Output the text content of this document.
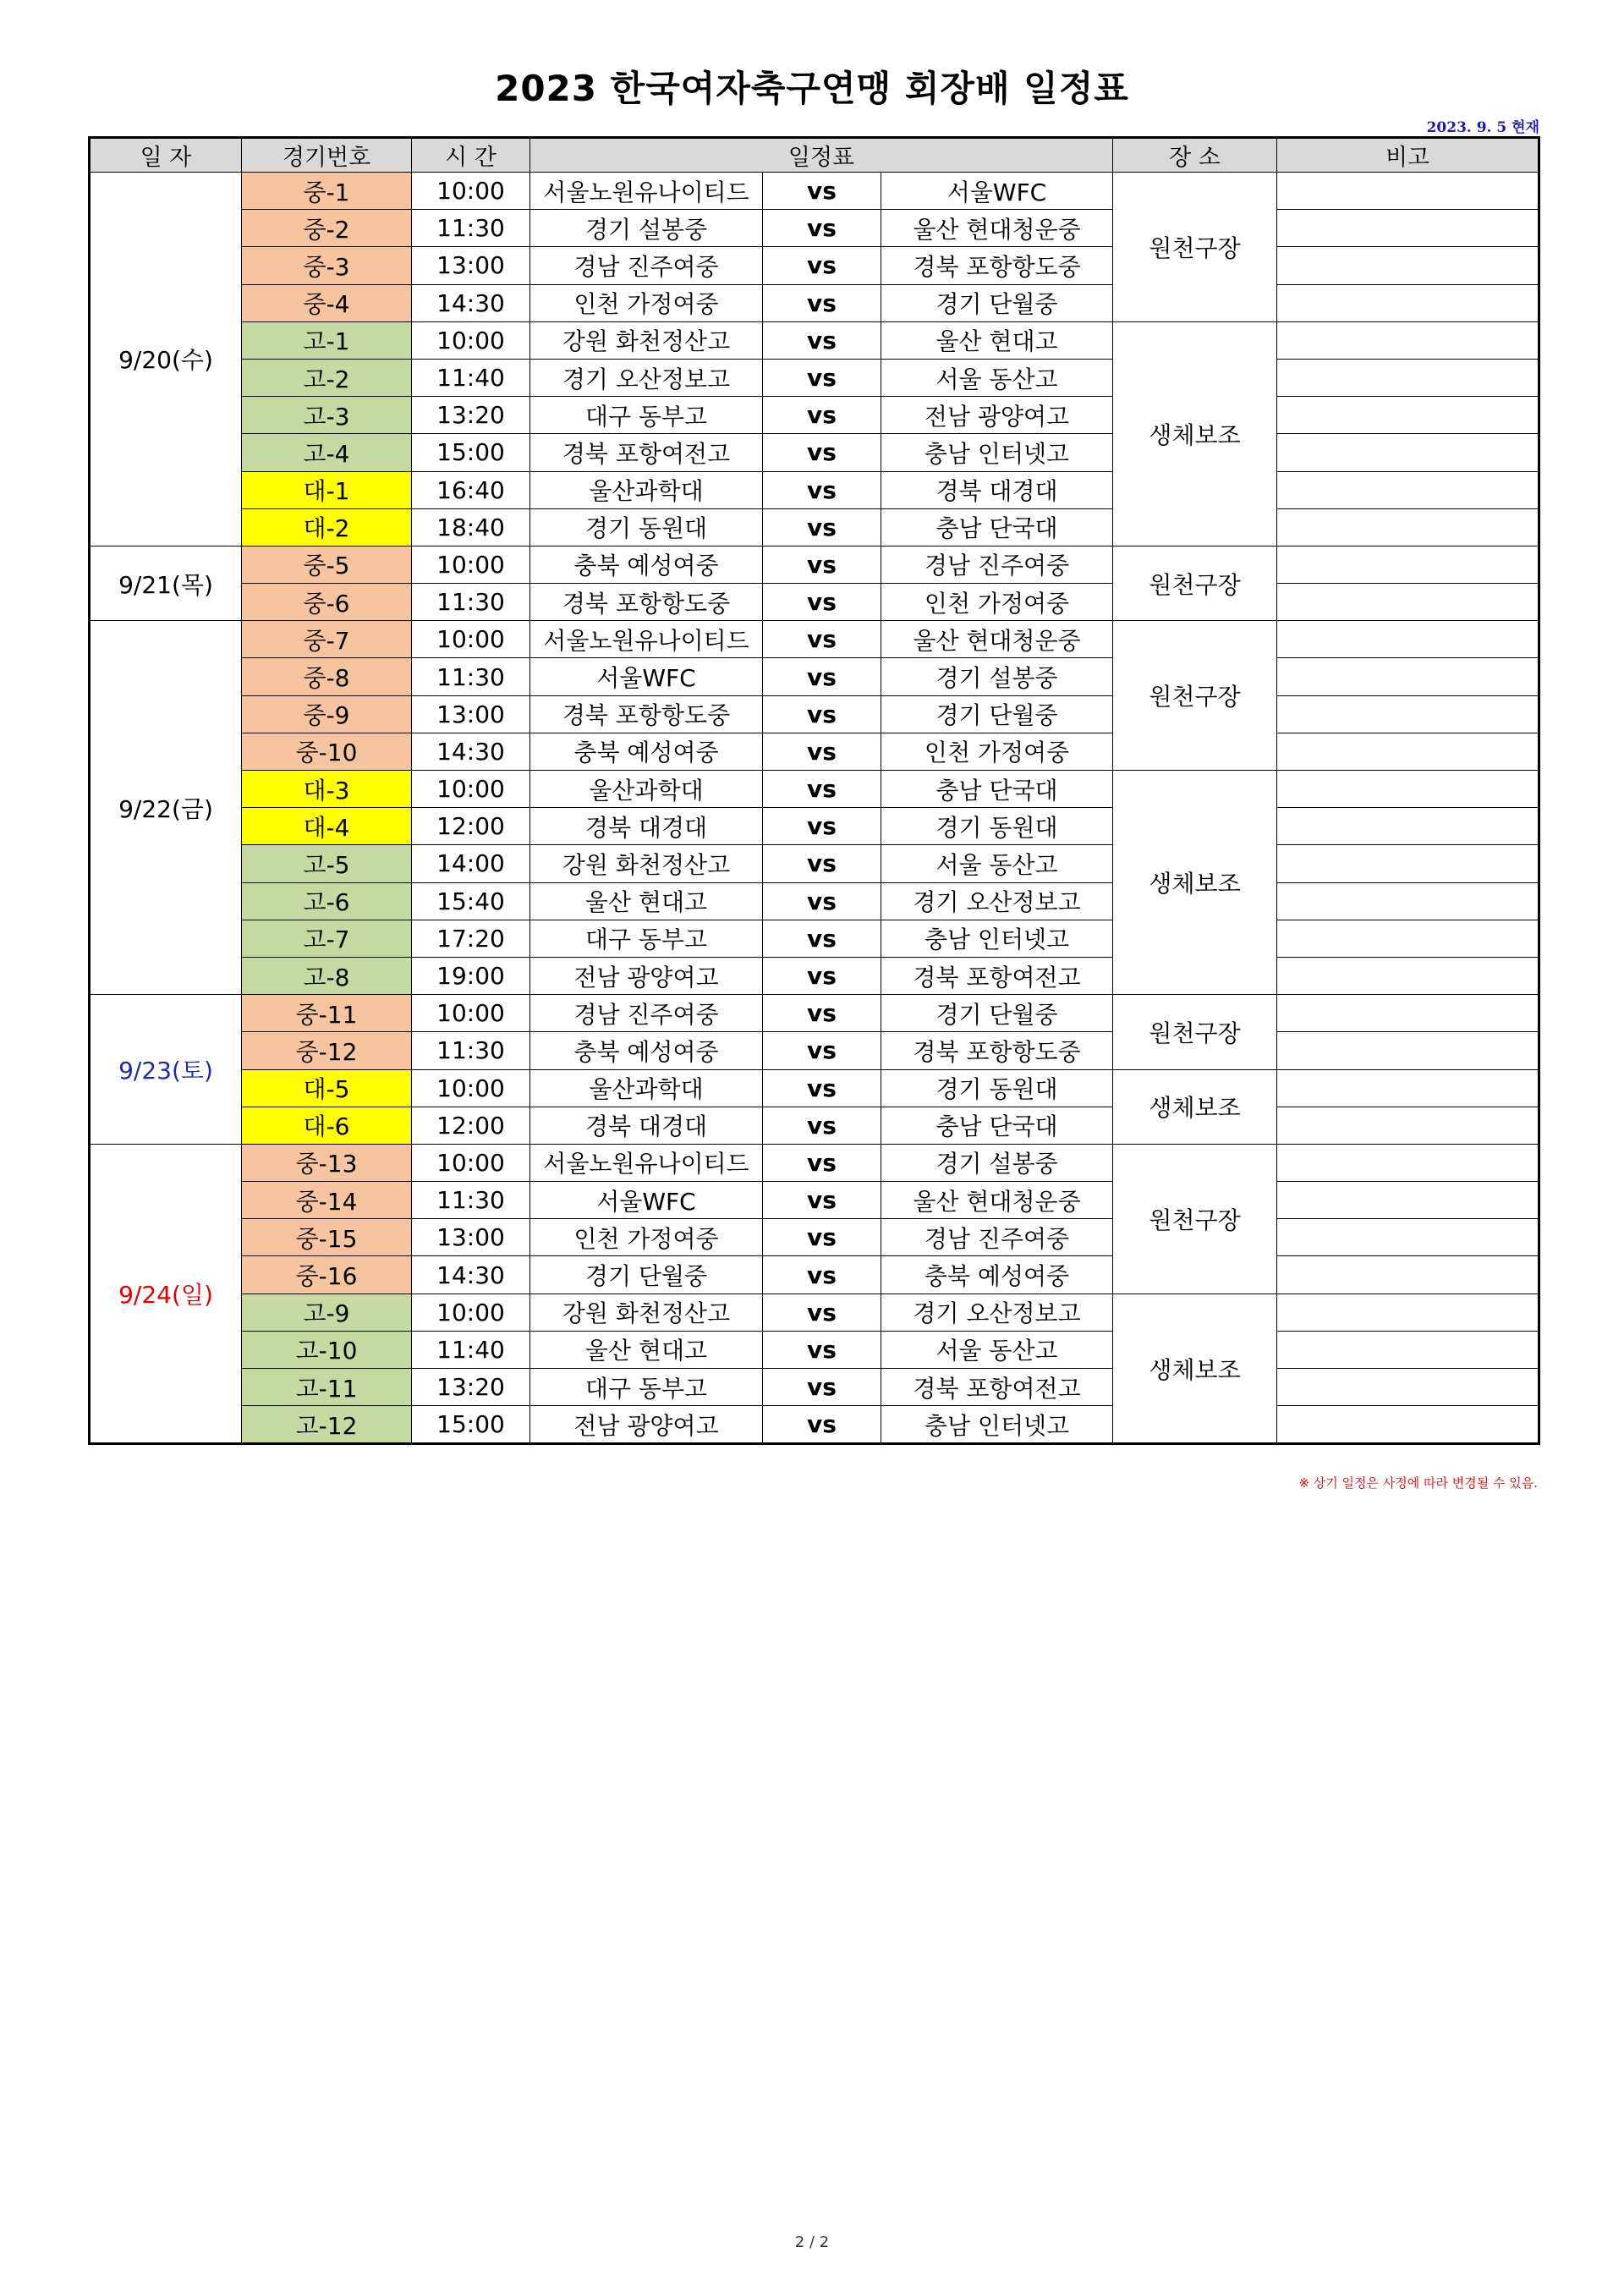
2023 한국여자축구연맹 회장배 일정표
2023. 9. 5 현재
일 자	경기번호	시 간	일정표			장 소	비고
9/20(수)	중-1	10:00	서울노원유나이티드	vs	서울WFC	원천구장	
	중-2	11:30	경기 설봉중	vs	울산 현대청운중		
	중-3	13:00	경남 진주여중	vs	경북 포항항도중		
	중-4	14:30	인천 가정여중	vs	경기 단월중		
	고-1	10:00	강원 화천정산고	vs	울산 현대고	생체보조	
	고-2	11:40	경기 오산정보고	vs	서울 동산고		
	고-3	13:20	대구 동부고	vs	전남 광양여고		
	고-4	15:00	경북 포항여전고	vs	충남 인터넷고		
	대-1	16:40	울산과학대	vs	경북 대경대		
	대-2	18:40	경기 동원대	vs	충남 단국대		
9/21(목)	중-5	10:00	충북 예성여중	vs	경남 진주여중	원천구장	
	중-6	11:30	경북 포항항도중	vs	인천 가정여중		
9/22(금)	중-7	10:00	서울노원유나이티드	vs	울산 현대청운중	원천구장	
	중-8	11:30	서울WFC	vs	경기 설봉중		
	중-9	13:00	경북 포항항도중	vs	경기 단월중		
	중-10	14:30	충북 예성여중	vs	인천 가정여중		
	대-3	10:00	울산과학대	vs	충남 단국대	생체보조	
	대-4	12:00	경북 대경대	vs	경기 동원대		
	고-5	14:00	강원 화천정산고	vs	서울 동산고		
	고-6	15:40	울산 현대고	vs	경기 오산정보고		
	고-7	17:20	대구 동부고	vs	충남 인터넷고		
	고-8	19:00	전남 광양여고	vs	경북 포항여전고		
9/23(토)	중-11	10:00	경남 진주여중	vs	경기 단월중	원천구장	
	중-12	11:30	충북 예성여중	vs	경북 포항항도중		
	대-5	10:00	울산과학대	vs	경기 동원대	생체보조	
	대-6	12:00	경북 대경대	vs	충남 단국대		
9/24(일)	중-13	10:00	서울노원유나이티드	vs	경기 설봉중	원천구장	
	중-14	11:30	서울WFC	vs	울산 현대청운중		
	중-15	13:00	인천 가정여중	vs	경남 진주여중		
	중-16	14:30	경기 단월중	vs	충북 예성여중		
	고-9	10:00	강원 화천정산고	vs	경기 오산정보고	생체보조	
	고-10	11:40	울산 현대고	vs	서울 동산고		
	고-11	13:20	대구 동부고	vs	경북 포항여전고		
	고-12	15:00	전남 광양여고	vs	충남 인터넷고		
※ 상기 일정은 사정에 따라 변경될 수 있음.
2 / 2
